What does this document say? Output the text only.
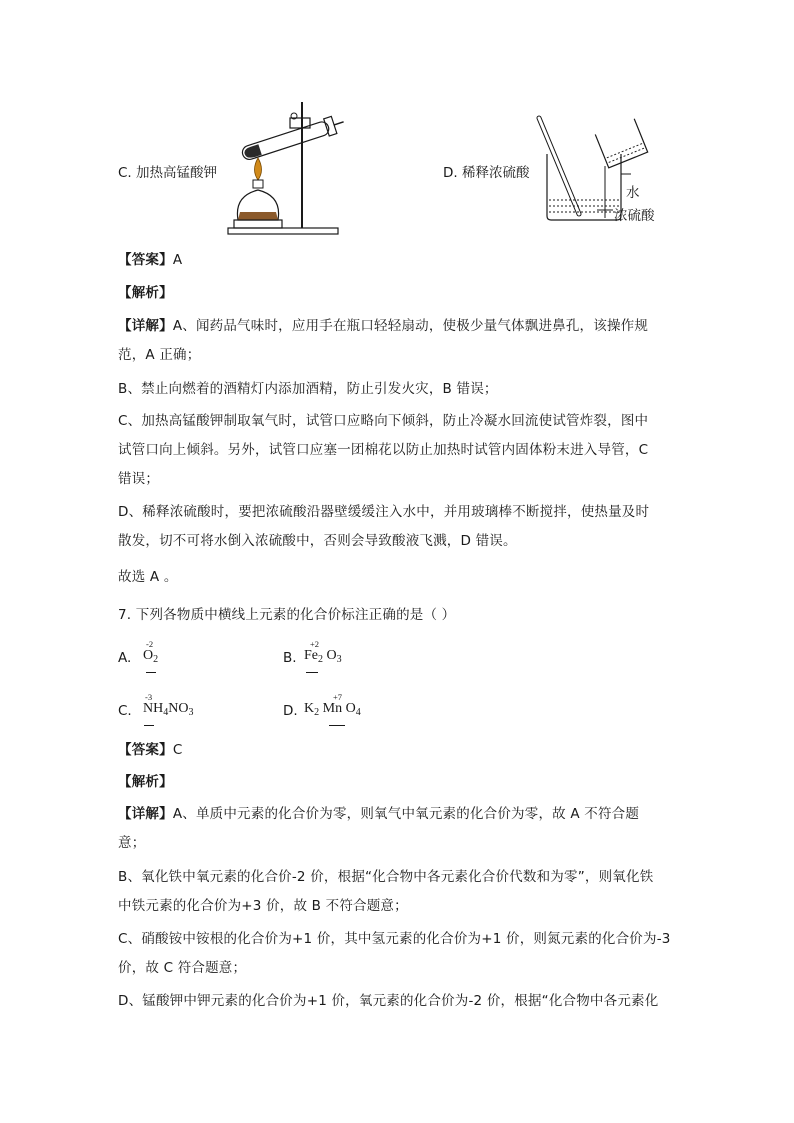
C. 加热高锰酸钾	D. 稀释浓硫酸
水
浓硫酸
【答案】A
【解析】
【详解】A、闻药品气味时，应用手在瓶口轻轻扇动，使极少量气体飘进鼻孔，该操作规
范，A 正确；
B、禁止向燃着的酒精灯内添加酒精，防止引发火灾，B 错误；
C、加热高锰酸钾制取氧气时，试管口应略向下倾斜，防止冷凝水回流使试管炸裂，图中
试管口向上倾斜。另外，试管口应塞一团棉花以防止加热时试管内固体粉末进入导管，C
错误；
D、稀释浓硫酸时，要把浓硫酸沿器壁缓缓注入水中，并用玻璃棒不断搅拌，使热量及时
散发，切不可将水倒入浓硫酸中，否则会导致酸液飞溅，D 错误。
故选 A 。
7. 下列各物质中横线上元素的化合价标注正确的是（ ）
A.
-2
$O_2$	B.
+2
$Fe_2$ $O_3$
C.
-3
$NH_4NO_3$	D.
+7
$K_2$ Mn $O_4$
【答案】C
【解析】
【详解】A、单质中元素的化合价为零，则氧气中氧元素的化合价为零，故 A 不符合题
意；
B、氧化铁中氧元素的化合价-2 价，根据“化合物中各元素化合价代数和为零”，则氧化铁
中铁元素的化合价为+3 价，故 B 不符合题意；
C、硝酸铵中铵根的化合价为+1 价，其中氢元素的化合价为+1 价，则氮元素的化合价为-3
价，故 C 符合题意；
D、锰酸钾中钾元素的化合价为+1 价，氧元素的化合价为-2 价，根据“化合物中各元素化
